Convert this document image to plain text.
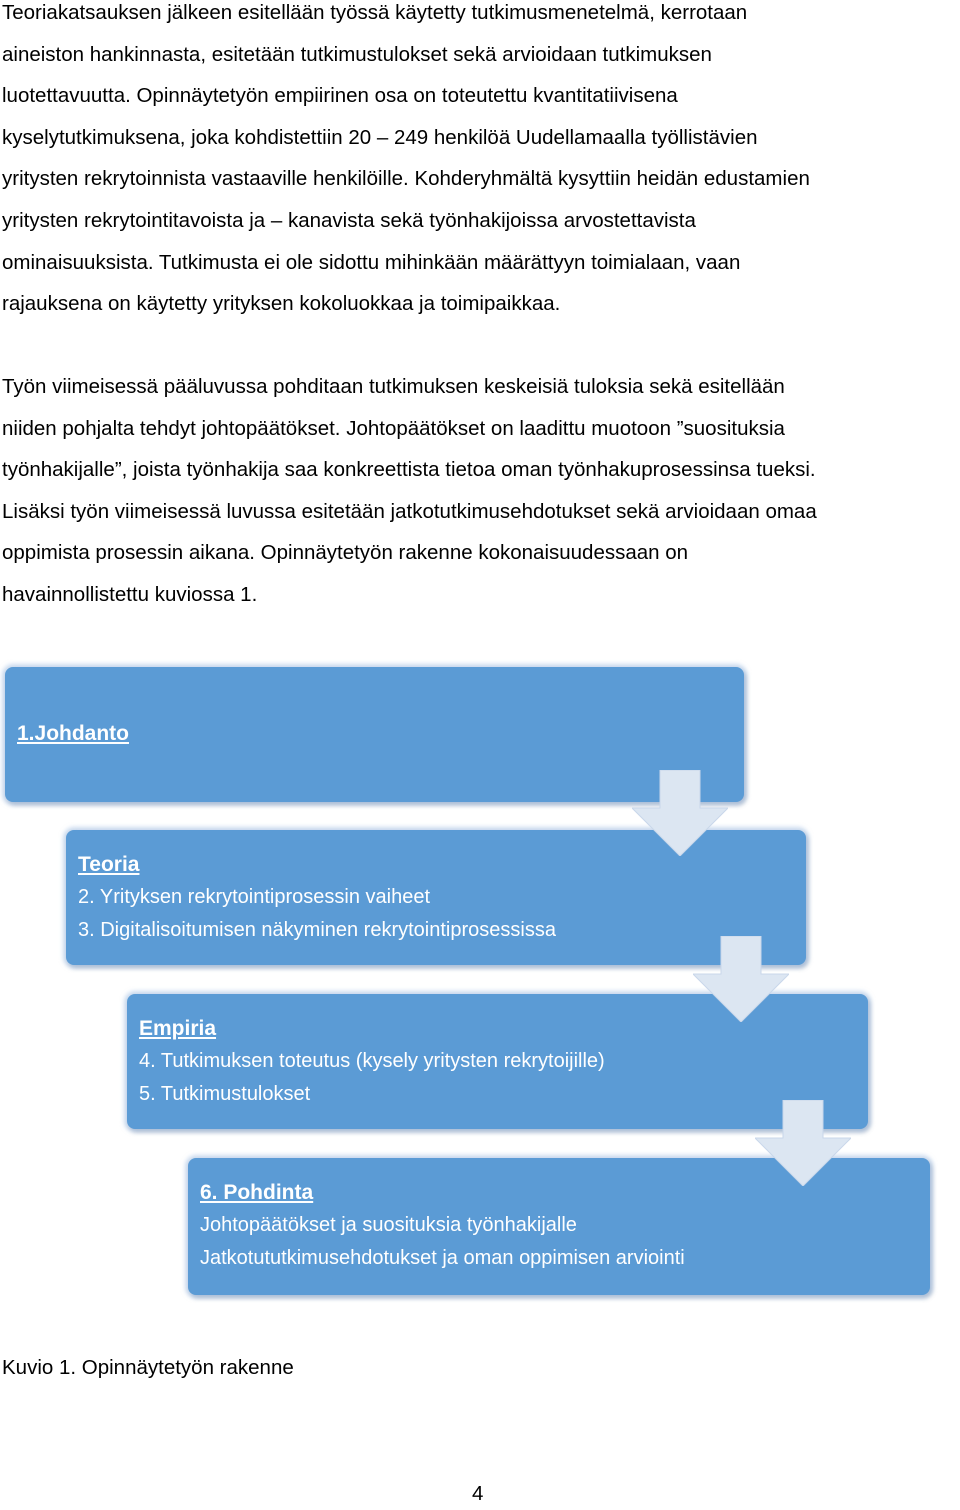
Teoriakatsauksen jälkeen esitellään työssä käytetty tutkimusmenetelmä, kerrotaan
aineiston hankinnasta, esitetään tutkimustulokset sekä arvioidaan tutkimuksen
luotettavuutta. Opinnäytetyön empiirinen osa on toteutettu kvantitatiivisena
kyselytutkimuksena, joka kohdistettiin 20 – 249 henkilöä Uudellamaalla työllistävien
yritysten rekrytoinnista vastaaville henkilöille. Kohderyhmältä kysyttiin heidän edustamien
yritysten rekrytointitavoista ja – kanavista sekä työnhakijoissa arvostettavista
ominaisuuksista. Tutkimusta ei ole sidottu mihinkään määrättyyn toimialaan, vaan
rajauksena on käytetty yrityksen kokoluokkaa ja toimipaikkaa.
Työn viimeisessä pääluvussa pohditaan tutkimuksen keskeisiä tuloksia sekä esitellään
niiden pohjalta tehdyt johtopäätökset. Johtopäätökset on laadittu muotoon ”suosituksia
työnhakijalle”, joista työnhakija saa konkreettista tietoa oman työnhakuprosessinsa tueksi.
Lisäksi työn viimeisessä luvussa esitetään jatkotutkimusehdotukset sekä arvioidaan omaa
oppimista prosessin aikana. Opinnäytetyön rakenne kokonaisuudessaan on
havainnollistettu kuviossa 1.
1.Johdanto
Teoria
2. Yrityksen rekrytointiprosessin vaiheet
3. Digitalisoitumisen näkyminen rekrytointiprosessissa
Empiria
4. Tutkimuksen toteutus (kysely yritysten rekrytoijille)
5. Tutkimustulokset
6. Pohdinta
Johtopäätökset ja suosituksia työnhakijalle
Jatkotututkimusehdotukset ja oman oppimisen arviointi

Kuvio 1. Opinnäytetyön rakenne

4
